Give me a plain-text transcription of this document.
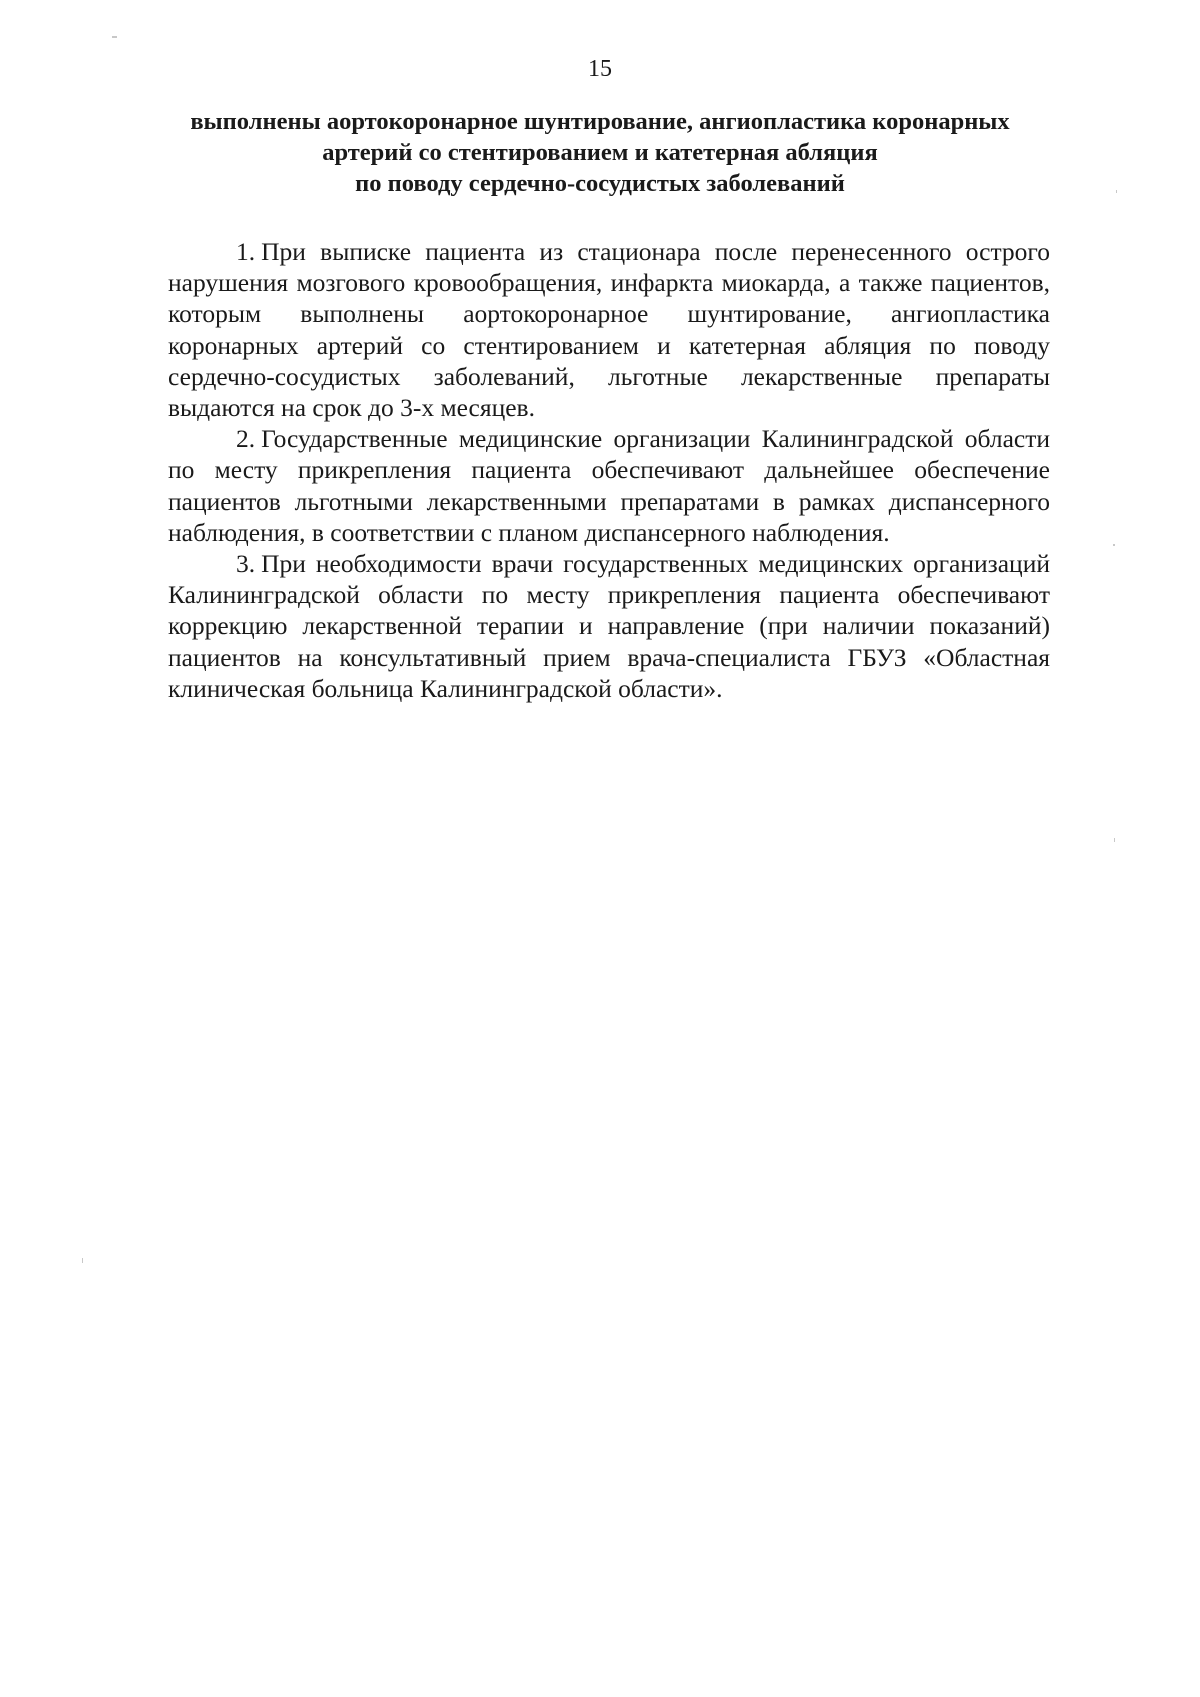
15
выполнены аортокоронарное шунтирование, ангиопластика коронарных
артерий со стентированием и катетерная абляция
по поводу сердечно-сосудистых заболеваний

1. При выписке пациента из стационара после перенесенного острого нарушения мозгового кровообращения, инфаркта миокарда, а также пациентов, которым выполнены аортокоронарное шунтирование, ангиопластика коронарных артерий со стентированием и катетерная абляция по поводу сердечно-сосудистых заболеваний, льготные лекарственные препараты выдаются на срок до 3-х месяцев.

2. Государственные медицинские организации Калининградской области по месту прикрепления пациента обеспечивают дальнейшее обеспечение пациентов льготными лекарственными препаратами в рамках диспансерного наблюдения, в соответствии с планом диспансерного наблюдения.

3. При необходимости врачи государственных медицинских организаций Калининградской области по месту прикрепления пациента обеспечивают коррекцию лекарственной терапии и направление (при наличии показаний) пациентов на консультативный прием врача-специалиста ГБУЗ «Областная клиническая больница Калининградской области».
